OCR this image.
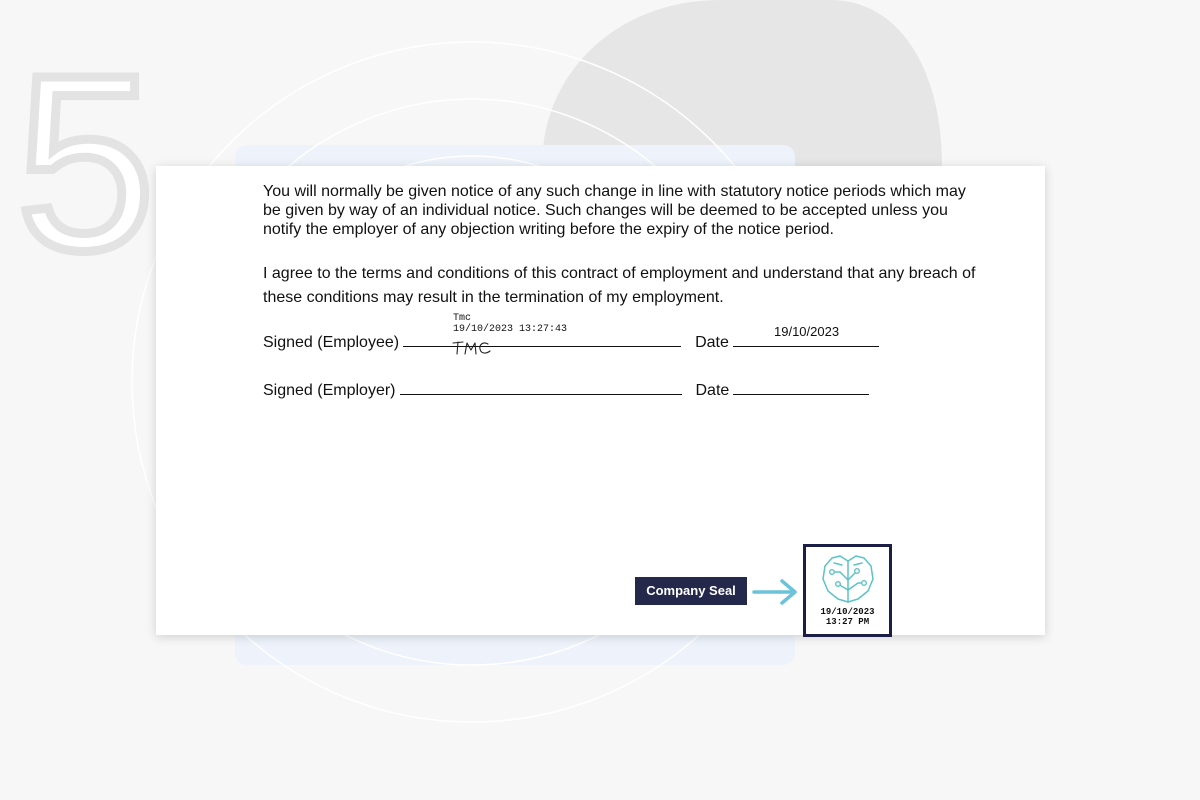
5	You will normally be given notice of any such change in line with statutory notice periods which may be given by way of an individual notice. Such changes will be deemed to be accepted unless you notify the employer of any objection writing before the expiry of the notice period.

I agree to the terms and conditions of this contract of employment and understand that any breach of these conditions may result in the termination of my employment.

Tmc
19/10/2023 13:27:43
Signed (Employee)	Date
19/10/2023
Signed (Employer)	Date
Company Seal
19/10/2023
13:27 PM
